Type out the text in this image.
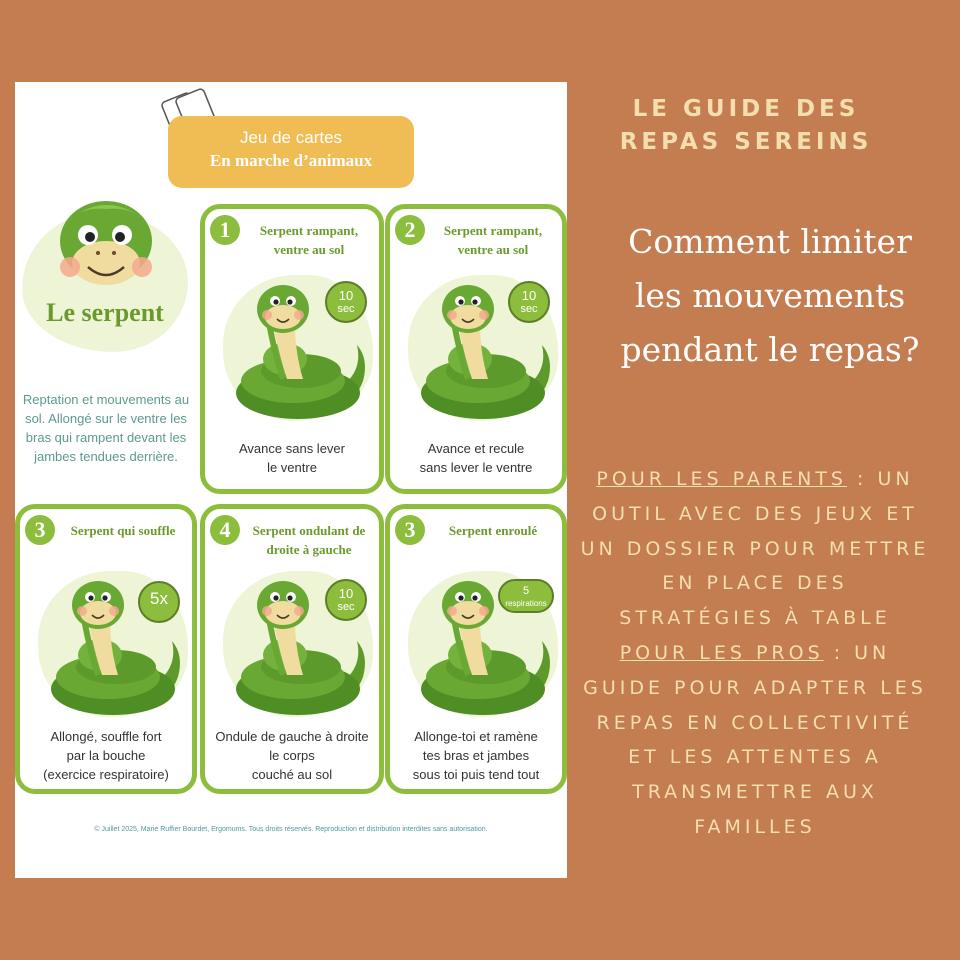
Jeu de cartes
En marche d’animaux
Le serpent
Reptation et mouvements au sol. Allongé sur le ventre les bras qui rampent devant les jambes tendues derrière.
1	Serpent rampant, ventre au sol
10
sec
Avance sans lever
le ventre
2	Serpent rampant, ventre au sol
10
sec
Avance et recule
sans lever le ventre
3	Serpent qui souffle
5x
Allongé, souffle fort
par la bouche
(exercice respiratoire)
4	Serpent ondulant de droite à gauche
10
sec
Ondule de gauche à droite
le corps
couché au sol
3	Serpent enroulé
5
respirations
Allonge-toi et ramène
tes bras et jambes
sous toi puis tend tout
© Juillet 2025, Marie Ruffier Bourdet, Ergomums. Tous droits réservés. Reproduction et distribution interdites sans autorisation.
LE GUIDE DES REPAS SEREINS
Comment limiter les mouvements pendant le repas?
POUR LES PARENTS : UN OUTIL AVEC DES JEUX ET UN DOSSIER POUR METTRE EN PLACE DES STRATÉGIES À TABLE POUR LES PROS : UN GUIDE POUR ADAPTER LES REPAS EN COLLECTIVITÉ ET LES ATTENTES A TRANSMETTRE AUX FAMILLES
